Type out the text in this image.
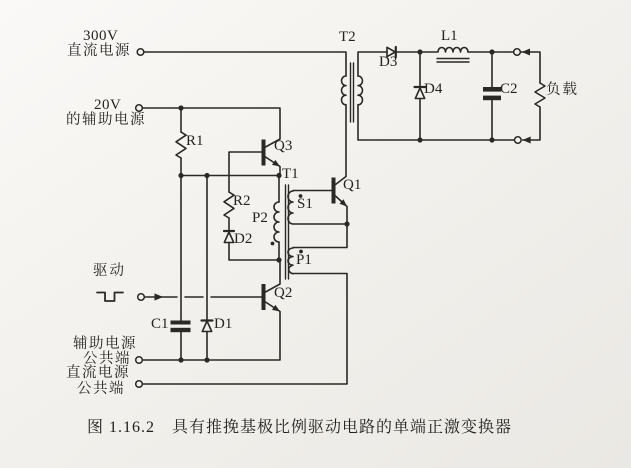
300V
直流电源
20V
的辅助电源
驱动
辅助电源
公共端
直流电源
公共端
R1
R2
Q3
T1
P2
S1
P1
Q1
Q2
D2
C1	D1
T2
D3
L1
D4	C2 负载
图 1.16.2　具有推挽基极比例驱动电路的单端正激变换器
